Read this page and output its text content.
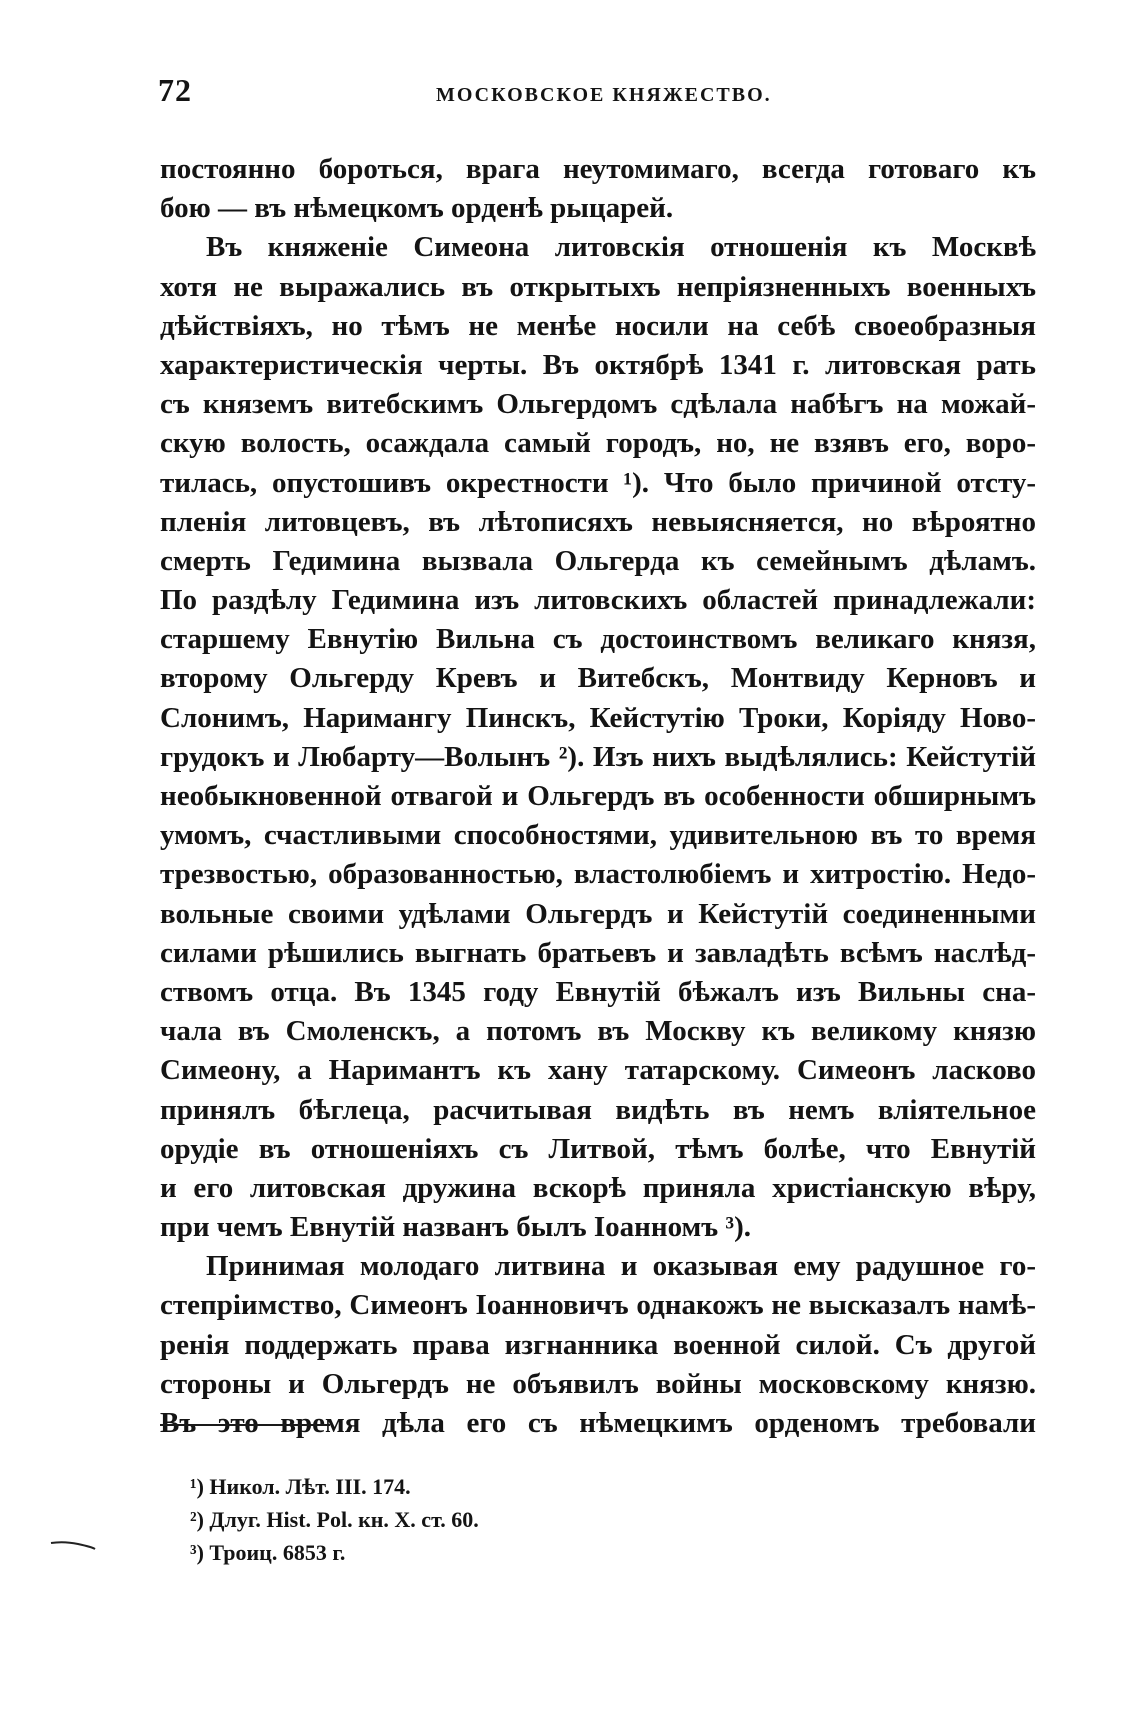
72	МОСКОВСКОЕ КНЯЖЕСТВО.
постоянно бороться, врага неутомимаго, всегда готоваго къ
бою — въ нѣмецкомъ орденѣ рыцарей.
Въ княженіе Симеона литовскія отношенія къ Москвѣ
хотя не выражались въ открытыхъ непріязненныхъ военныхъ
дѣйствіяхъ, но тѣмъ не менѣе носили на себѣ своеобразныя
характеристическія черты. Въ октябрѣ 1341 г. литовская рать
съ княземъ витебскимъ Ольгердомъ сдѣлала набѣгъ на можай-
скую волость, осаждала самый городъ, но, не взявъ его, воро-
тилась, опустошивъ окрестности ¹). Что было причиной отсту-
пленія литовцевъ, въ лѣтописяхъ невыясняется, но вѣроятно
смерть Гедимина вызвала Ольгерда къ семейнымъ дѣламъ.
По раздѣлу Гедимина изъ литовскихъ областей принадлежали:
старшему Евнутію Вильна съ достоинствомъ великаго князя,
второму Ольгерду Кревъ и Витебскъ, Монтвиду Керновъ и
Слонимъ, Наримангу Пинскъ, Кейстутію Троки, Коріяду Ново-
грудокъ и Любарту—Волынъ ²). Изъ нихъ выдѣлялись: Кейстутій
необыкновенной отвагой и Ольгердъ въ особенности обширнымъ
умомъ, счастливыми способностями, удивительною въ то время
трезвостью, образованностью, властолюбіемъ и хитростію. Недо-
вольные своими удѣлами Ольгердъ и Кейстутій соединенными
силами рѣшились выгнать братьевъ и завладѣть всѣмъ наслѣд-
ствомъ отца. Въ 1345 году Евнутій бѣжалъ изъ Вильны сна-
чала въ Смоленскъ, а потомъ въ Москву къ великому князю
Симеону, а Наримантъ къ хану татарскому. Симеонъ ласково
принялъ бѣглеца, расчитывая видѣть въ немъ вліятельное
орудіе въ отношеніяхъ съ Литвой, тѣмъ болѣе, что Евнутій
и его литовская дружина вскорѣ приняла христіанскую вѣру,
при чемъ Евнутій названъ былъ Іоанномъ ³).
Принимая молодаго литвина и оказывая ему радушное го-
степріимство, Симеонъ Іоанновичъ однакожъ не высказалъ намѣ-
ренія поддержать права изгнанника военной силой. Съ другой
стороны и Ольгердъ не объявилъ войны московскому князю.
Въ это время дѣла его съ нѣмецкимъ орденомъ требовали
¹) Никол. Лѣт. III. 174.
²) Длуг. Hist. Pol. кн. X. ст. 60.
³) Троиц. 6853 г.
